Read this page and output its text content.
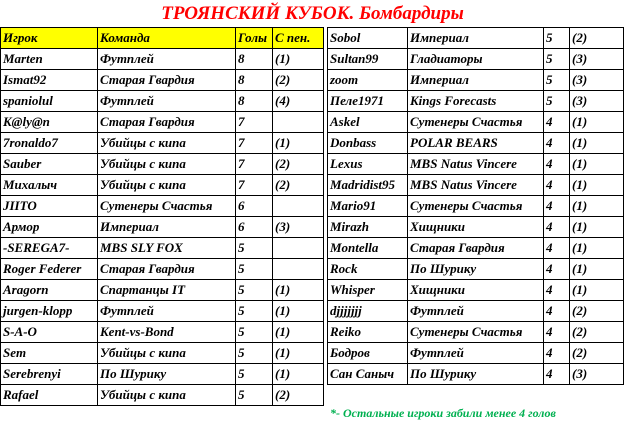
ТРОЯНСКИЙ КУБОК. Бомбардиры
Игрок	Команда	Голы	С пен.
Marten	Футплей	8	(1)
Ismat92	Старая Гвардия	8	(2)
spaniolul	Футплей	8	(4)
K@ly@n	Старая Гвардия	7	
7ronaldo7	Убийцы с кипа	7	(1)
Sauber	Убийцы с кипа	7	(2)
Михалыч	Убийцы с кипа	7	(2)
JIITO	Сутенеры Счастья	6	
Армор	Империал	6	(3)
-SEREGA7-	MBS SLY FOX	5	
Roger Federer	Старая Гвардия	5	
Aragorn	Спартанцы IT	5	(1)
jurgen-klopp	Футплей	5	(1)
S-A-O	Kent-vs-Bond	5	(1)
Sem	Убийцы с кипа	5	(1)
Serebrenyi	По Шурику	5	(1)
Rafael	Убийцы с кипа	5	(2)
Sobol	Империал	5	(2)
Sultan99	Гладиаторы	5	(3)
zoom	Империал	5	(3)
Пеле1971	Kings Forecasts	5	(3)
Askel	Сутенеры Счастья	4	(1)
Donbass	POLAR BEARS	4	(1)
Lexus	MBS Natus Vincere	4	(1)
Madridist95	MBS Natus Vincere	4	(1)
Mario91	Сутенеры Счастья	4	(1)
Mirazh	Хищники	4	(1)
Montella	Старая Гвардия	4	(1)
Rock	По Шурику	4	(1)
Whisper	Хищники	4	(1)
djjjjjjj	Футплей	4	(2)
Reiko	Сутенеры Счастья	4	(2)
Бодров	Футплей	4	(2)
Сан Саныч	По Шурику	4	(3)
*- Остальные игроки забили менее 4 голов
